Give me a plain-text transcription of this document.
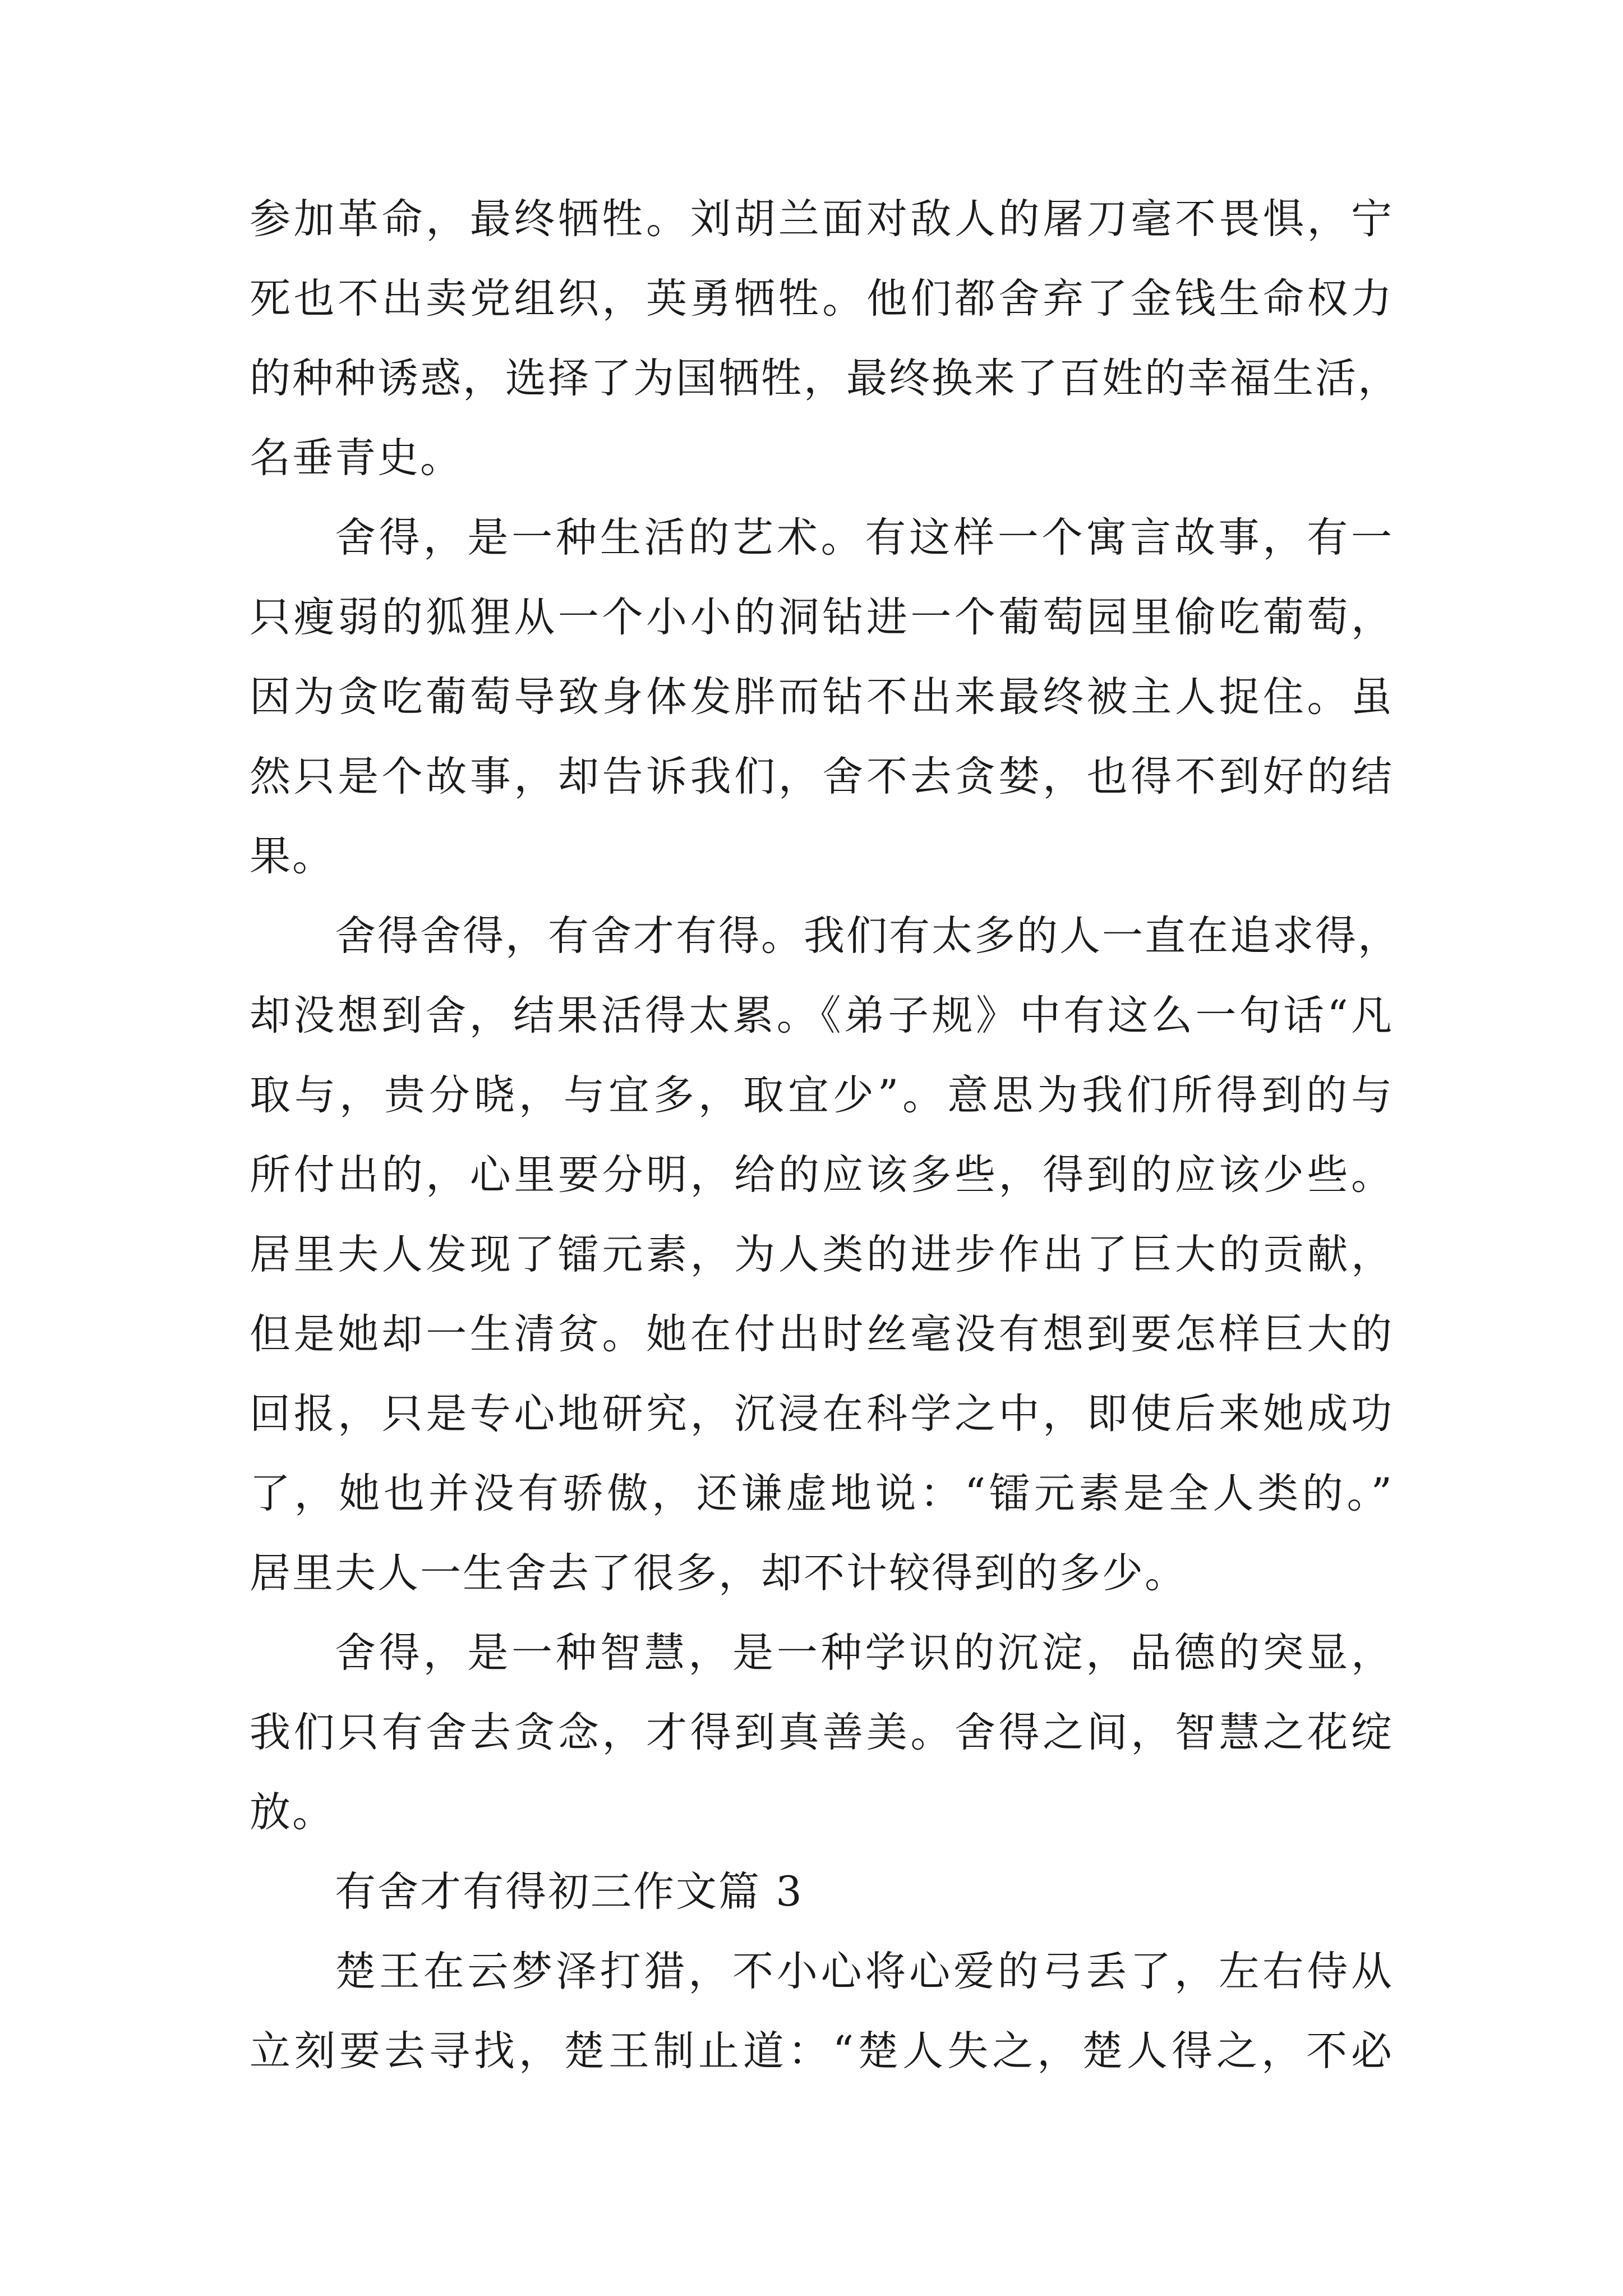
参加革命，最终牺牲。刘胡兰面对敌人的屠刀毫不畏惧，宁
死也不出卖党组织，英勇牺牲。他们都舍弃了金钱生命权力
的种种诱惑，选择了为国牺牲，最终换来了百姓的幸福生活，
名垂青史。
舍得，是一种生活的艺术。有这样一个寓言故事，有一
只瘦弱的狐狸从一个小小的洞钻进一个葡萄园里偷吃葡萄，
因为贪吃葡萄导致身体发胖而钻不出来最终被主人捉住。虽
然只是个故事，却告诉我们，舍不去贪婪，也得不到好的结
果。
舍得舍得，有舍才有得。我们有太多的人一直在追求得，
却没想到舍，结果活得太累。《弟子规》中有这么一句话“凡
取与，贵分晓，与宜多，取宜少”。意思为我们所得到的与
所付出的，心里要分明，给的应该多些，得到的应该少些。
居里夫人发现了镭元素，为人类的进步作出了巨大的贡献，
但是她却一生清贫。她在付出时丝毫没有想到要怎样巨大的
回报，只是专心地研究，沉浸在科学之中，即使后来她成功
了，她也并没有骄傲，还谦虚地说：“镭元素是全人类的。”
居里夫人一生舍去了很多，却不计较得到的多少。
舍得，是一种智慧，是一种学识的沉淀，品德的突显，
我们只有舍去贪念，才得到真善美。舍得之间，智慧之花绽
放。
有舍才有得初三作文篇 3
楚王在云梦泽打猎，不小心将心爱的弓丢了，左右侍从
立刻要去寻找，楚王制止道：“楚人失之，楚人得之，不必
